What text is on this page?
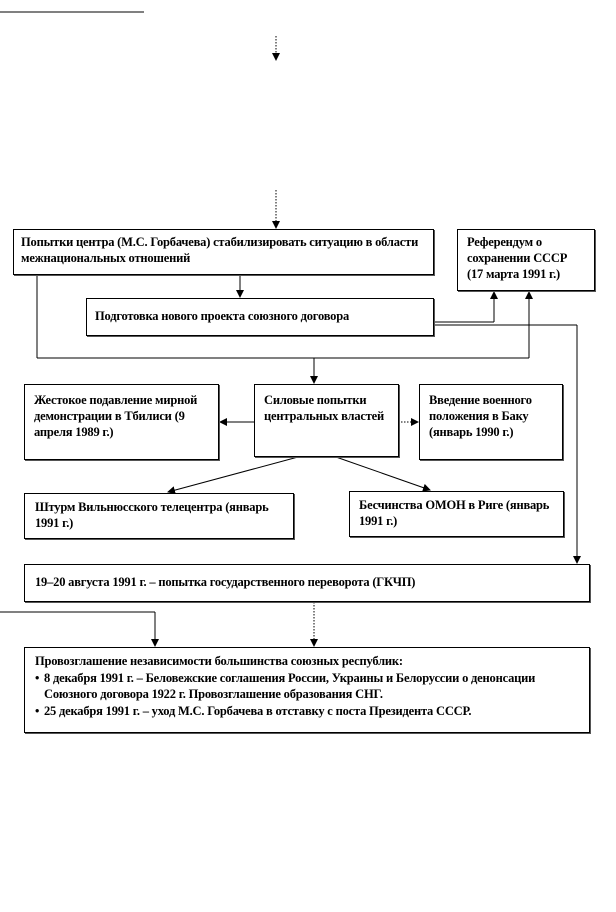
Попытки центра (М.С. Горбачева) стабилизировать ситуацию в области межнациональных отношений
Референдум о сохранении СССР (17 марта 1991 г.)
Подготовка нового проекта союзного договора
Жестокое подавление мирной демонстрации в Тбилиси (9 апреля 1989 г.)
Силовые попытки центральных властей
Введение военного положения в Баку (январь 1990 г.)
Штурм Вильнюсского телецентра (январь 1991 г.)
Бесчинства ОМОН в Риге (январь 1991 г.)
19–20 августа 1991 г. – попытка государственного переворота (ГКЧП)
Провозглашение независимости большинства союзных республик:
• 8 декабря 1991 г. – Беловежские соглашения России, Украины и Белоруссии о денонсации Союзного договора 1922 г. Провозглашение образования СНГ.
• 25 декабря 1991 г. – уход М.С. Горбачева в отставку с поста Президента СССР.
